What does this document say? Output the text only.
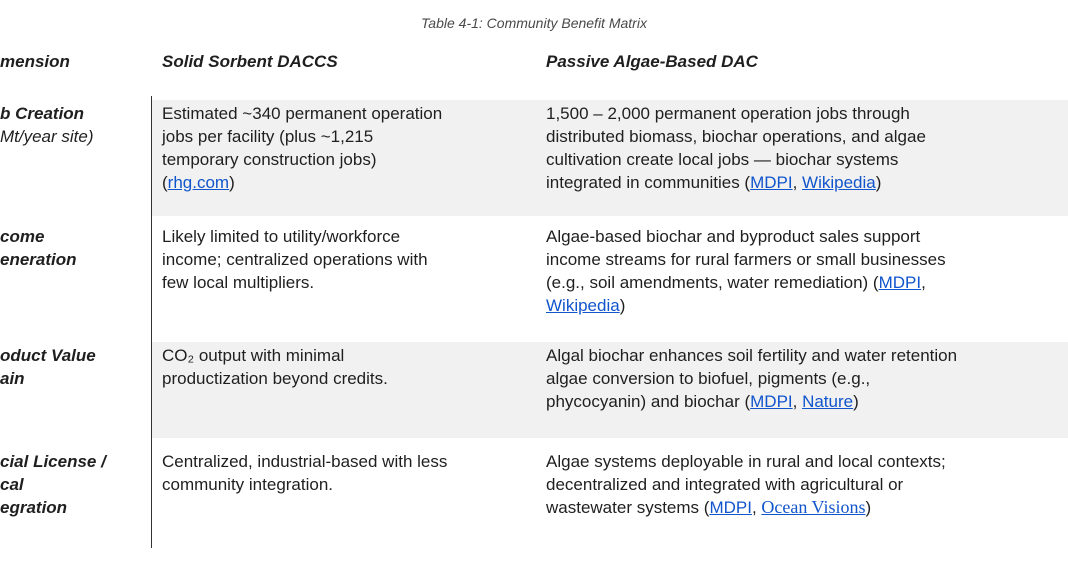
Table 4-1: Community Benefit Matrix
mension	Solid Sorbent DACCS	Passive Algae-Based DAC
b Creation
Mt/year site)
Estimated ~340 permanent operation
jobs per facility (plus ~1,215
temporary construction jobs)
(rhg.com)
1,500 – 2,000 permanent operation jobs through
distributed biomass, biochar operations, and algae
cultivation create local jobs — biochar systems
integrated in communities (MDPI, Wikipedia)
come
eneration
Likely limited to utility/workforce
income; centralized operations with
few local multipliers.
Algae-based biochar and byproduct sales support
income streams for rural farmers or small businesses
(e.g., soil amendments, water remediation) (MDPI,
Wikipedia)
oduct Value
ain
CO₂ output with minimal
productization beyond credits.
Algal biochar enhances soil fertility and water retention
algae conversion to biofuel, pigments (e.g.,
phycocyanin) and biochar (MDPI, Nature)
cial License /
cal
egration
Centralized, industrial-based with less
community integration.
Algae systems deployable in rural and local contexts;
decentralized and integrated with agricultural or
wastewater systems (MDPI, Ocean Visions)
